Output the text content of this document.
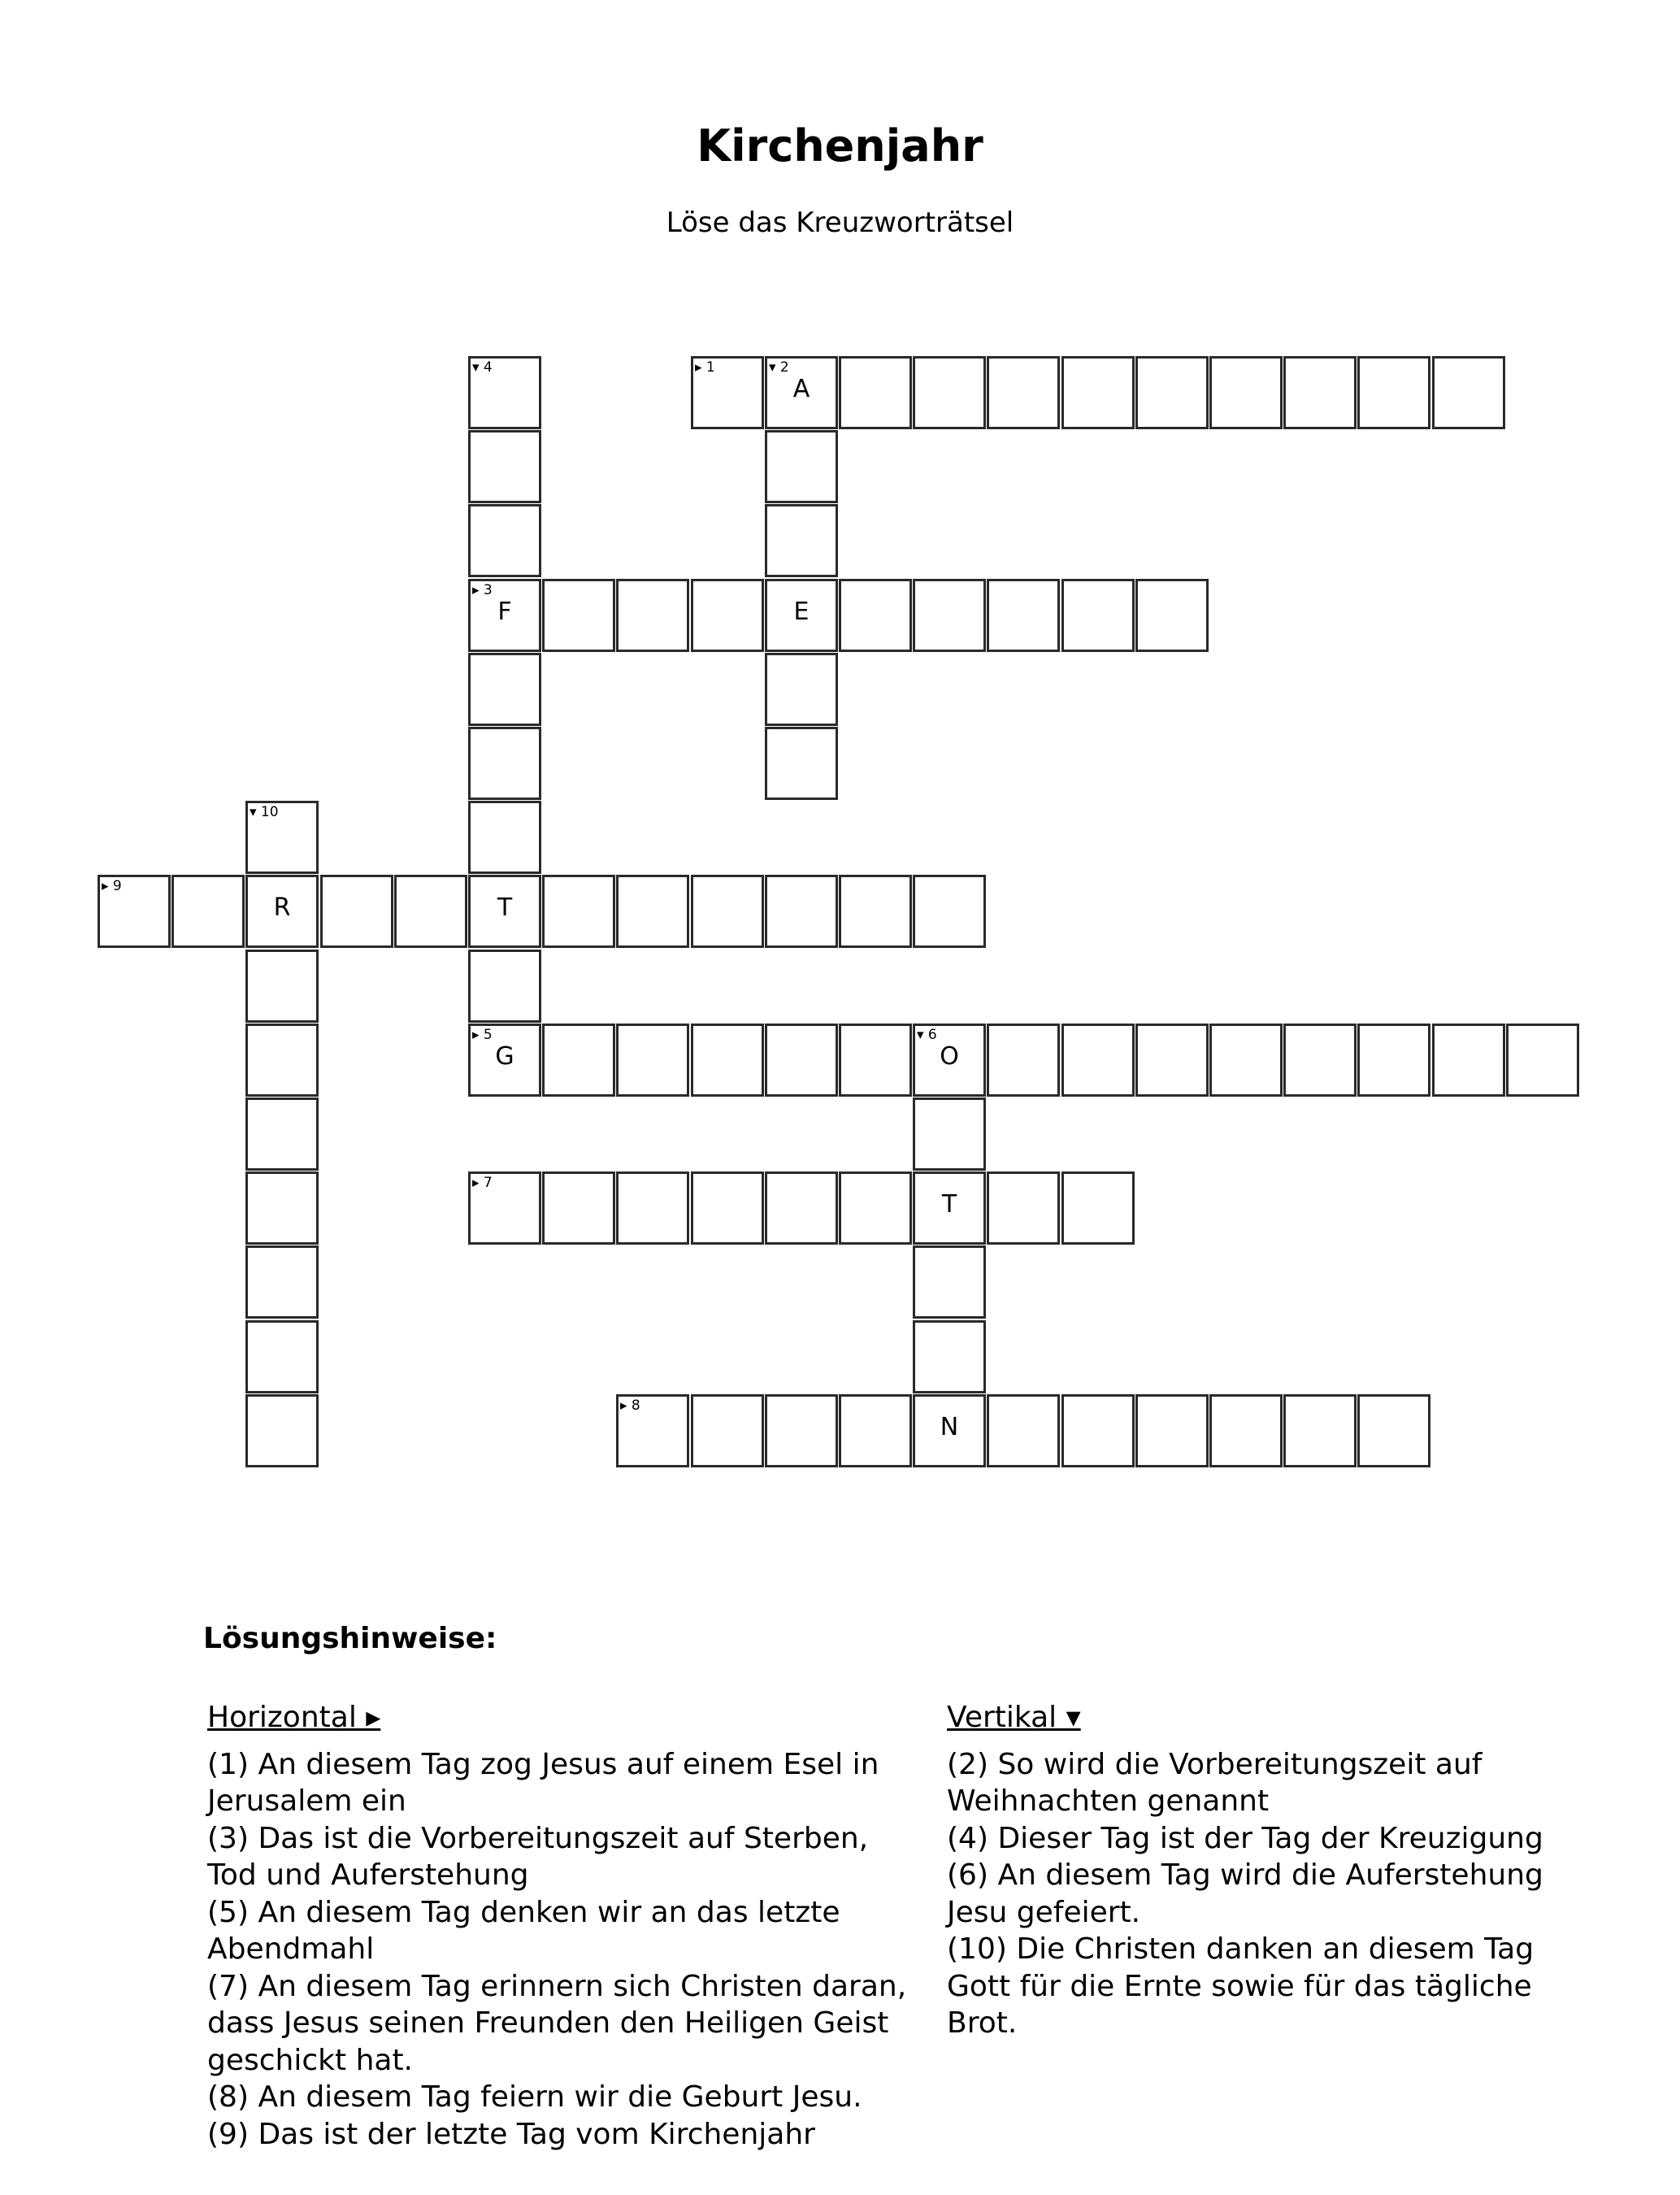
Kirchenjahr
Löse das Kreuzworträtsel
▸ 1	▾ 2
A
E
▸ 3
F
▾ 4
T
▸ 5
G
▾ 6
O
T
N
▸ 7
▸ 8
▸ 9
R
▾ 10
Lösungshinweise:
Horizontal ▸
(1) An diesem Tag zog Jesus auf einem Esel in Jerusalem ein
(3) Das ist die Vorbereitungszeit auf Sterben, Tod und Auferstehung
(5) An diesem Tag denken wir an das letzte Abendmahl
(7) An diesem Tag erinnern sich Christen daran, dass Jesus seinen Freunden den Heiligen Geist geschickt hat.
(8) An diesem Tag feiern wir die Geburt Jesu.
(9) Das ist der letzte Tag vom Kirchenjahr
Vertikal ▾
(2) So wird die Vorbereitungszeit auf Weihnachten genannt
(4) Dieser Tag ist der Tag der Kreuzigung
(6) An diesem Tag wird die Auferstehung Jesu gefeiert.
(10) Die Christen danken an diesem Tag Gott für die Ernte sowie für das tägliche Brot.
